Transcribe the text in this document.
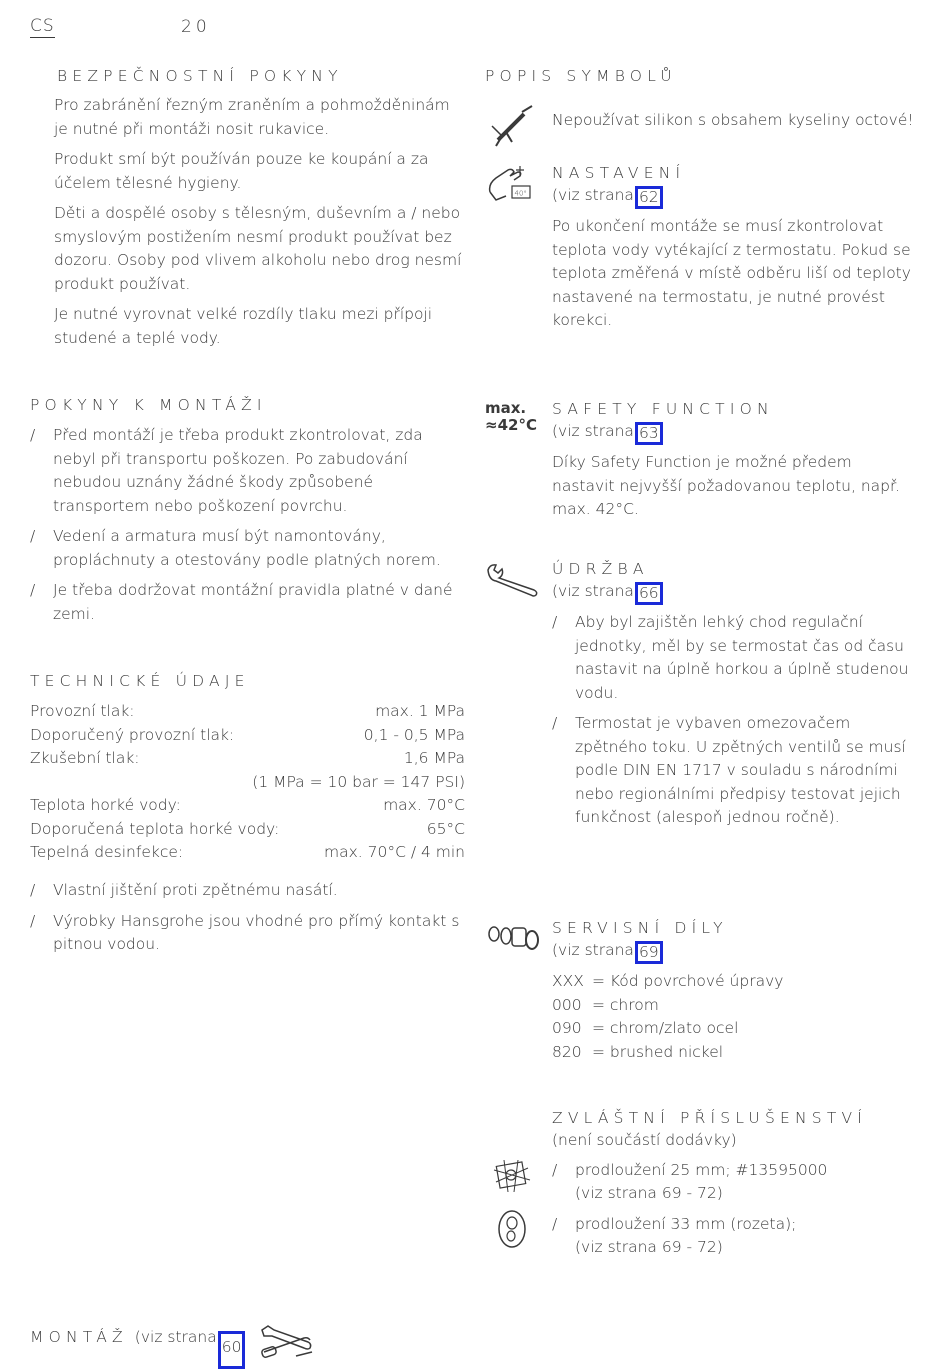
CS	20
BEZPEČNOSTNÍ POKYNY

Pro zabránění řezným zraněním a pohmožděninám je nutné při montáži nosit rukavice.

Produkt smí být používán pouze ke koupání a za účelem tělesné hygieny.

Děti a dospělé osoby s tělesným, duševním a / nebo smyslovým postižením nesmí produkt používat bez dozoru. Osoby pod vlivem alkoholu nebo drog nesmí produkt používat.

Je nutné vyrovnat velké rozdíly tlaku mezi přípoji studené a teplé vody.

POKYNY K MONTÁŽI
/ Před montáží je třeba produkt zkontrolovat, zda nebyl při transportu poškozen. Po zabudování nebudou uznány žádné škody způsobené transportem nebo poškození povrchu.
/ Vedení a armatura musí být namontovány, propláchnuty a otestovány podle platných norem.
/ Je třeba dodržovat montážní pravidla platné v dané zemi.
TECHNICKÉ ÚDAJE
Provozní tlak:	max. 1 MPa
Doporučený provozní tlak:	0,1 - 0,5 MPa
Zkušební tlak:	1,6 MPa
(1 MPa = 10 bar = 147 PSI)
Teplota horké vody:	max. 70°C
Doporučená teplota horké vody:	65°C
Tepelná desinfekce:	max. 70°C / 4 min
/ Vlastní jištění proti zpětnému nasátí.
/ Výrobky Hansgrohe jsou vhodné pro přímý kontakt s pitnou vodou.
MONTÁŽ (viz strana60
POPIS SYMBOLŮ
Nepoužívat silikon s obsahem kyseliny octové!
40°
NASTAVENÍ
(viz strana 62

Po ukončení montáže se musí zkontrolovat teplota vody vytékající z termostatu. Pokud se teplota změřená v místě odběru liší od teploty nastavené na termostatu, je nutné provést korekci.

max.
≈42°C
SAFETY FUNCTION
(viz strana 63

Díky Safety Function je možné předem nastavit nejvyšší požadovanou teplotu, např. max. 42°C.

ÚDRŽBA
(viz strana 66
/ Aby byl zajištěn lehký chod regulační jednotky, měl by se termostat čas od času nastavit na úplně horkou a úplně studenou vodu.
/ Termostat je vybaven omezovačem zpětného toku. U zpětných ventilů se musí podle DIN EN 1717 v souladu s národními nebo regionálními předpisy testovat jejich funkčnost (alespoň jednou ročně).
SERVISNÍ DÍLY
(viz strana 69
XXX = Kód povrchové úpravy
000 = chrom
090 = chrom/zlato ocel
820 = brushed nickel
ZVLÁŠTNÍ PŘÍSLUŠENSTVÍ
(není součástí dodávky)
/ prodloužení 25 mm; #13595000
(viz strana 69 - 72)
/ prodloužení 33 mm (rozeta);
(viz strana 69 - 72)
